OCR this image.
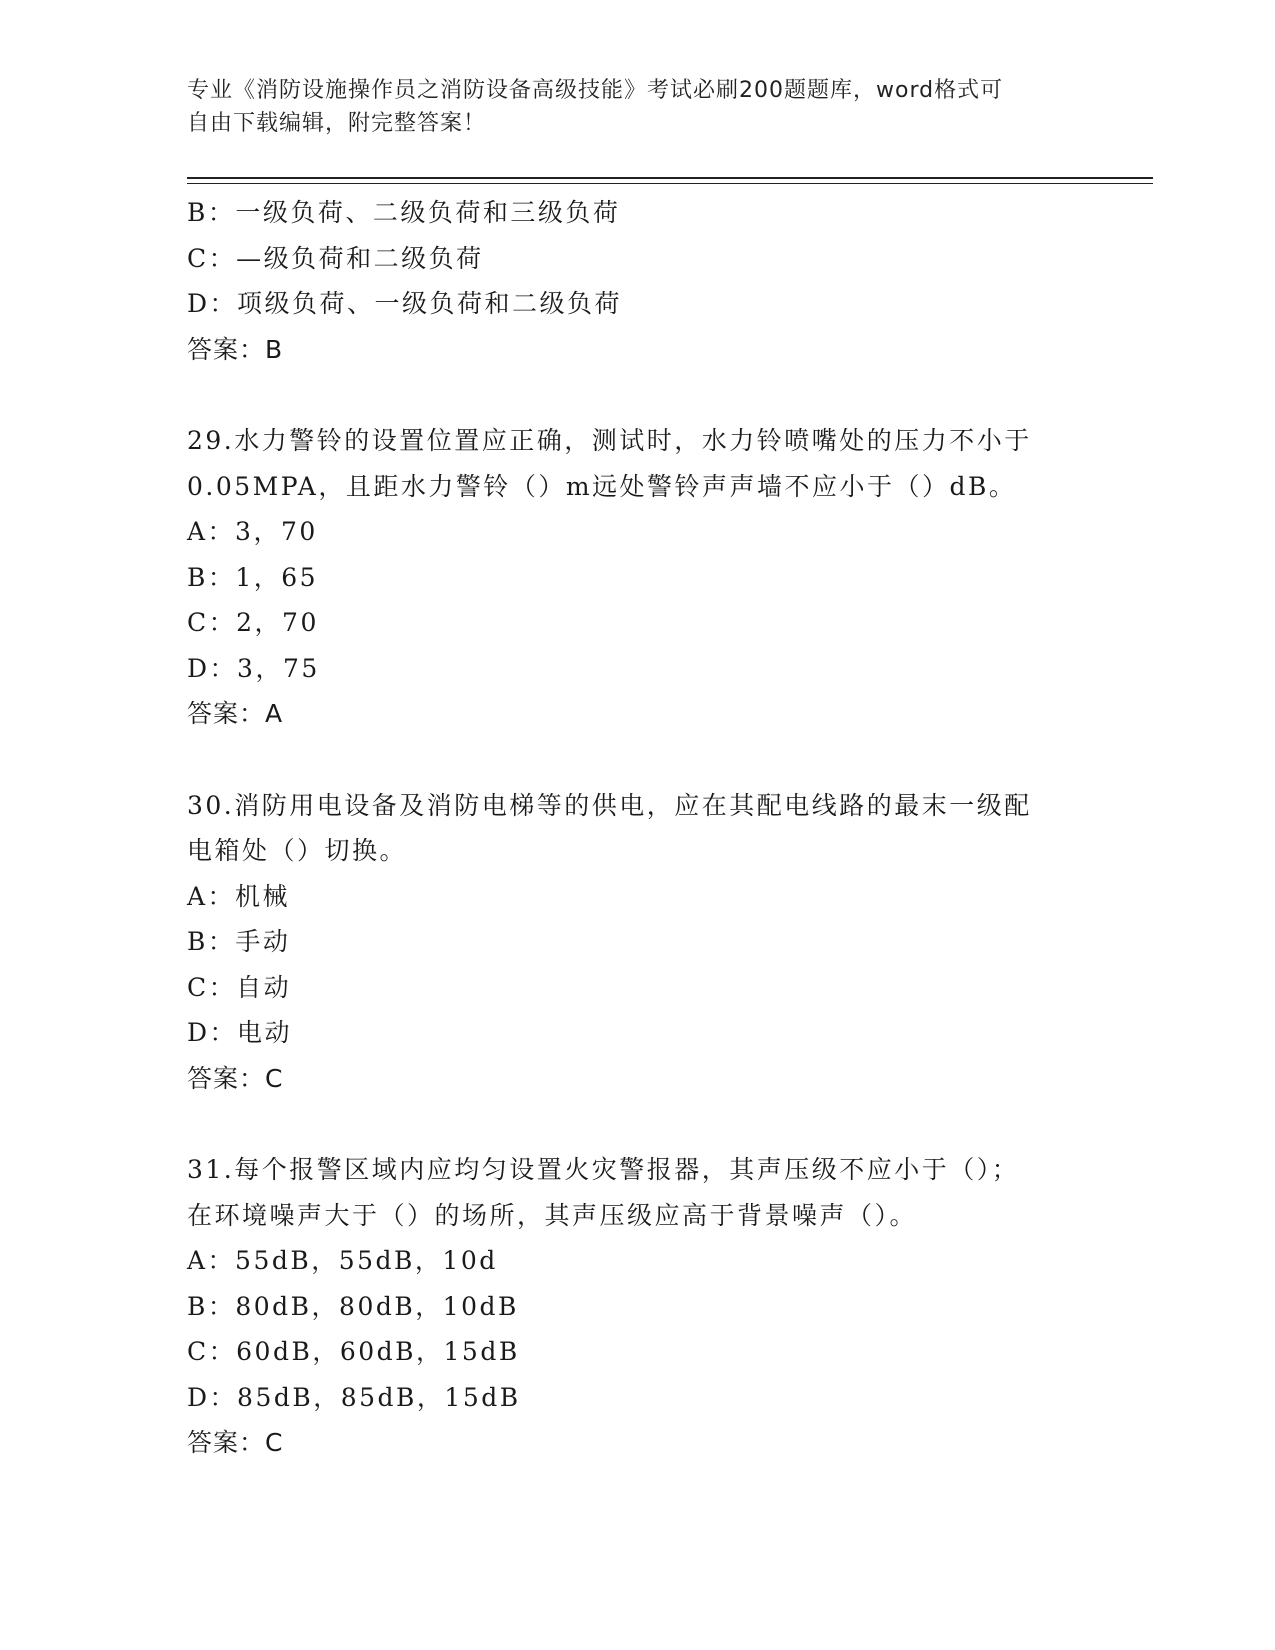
专业《消防设施操作员之消防设备高级技能》考试必刷200题题库，word格式可
自由下载编辑，附完整答案！
B：一级负荷、二级负荷和三级负荷
C：—级负荷和二级负荷
D：项级负荷、一级负荷和二级负荷
答案：B
29.水力警铃的设置位置应正确，测试时，水力铃喷嘴处的压力不小于
0.05MPA，且距水力警铃（）m远处警铃声声墙不应小于（）dB。
A：3，70
B：1，65
C：2，70
D：3，75
答案：A
30.消防用电设备及消防电梯等的供电，应在其配电线路的最末一级配
电箱处（）切换。
A：机械
B：手动
C：自动
D：电动
答案：C
31.每个报警区域内应均匀设置火灾警报器，其声压级不应小于（）；
在环境噪声大于（）的场所，其声压级应高于背景噪声（）。
A：55dB，55dB，10d
B：80dB，80dB，10dB
C：60dB，60dB，15dB
D：85dB，85dB，15dB
答案：C
